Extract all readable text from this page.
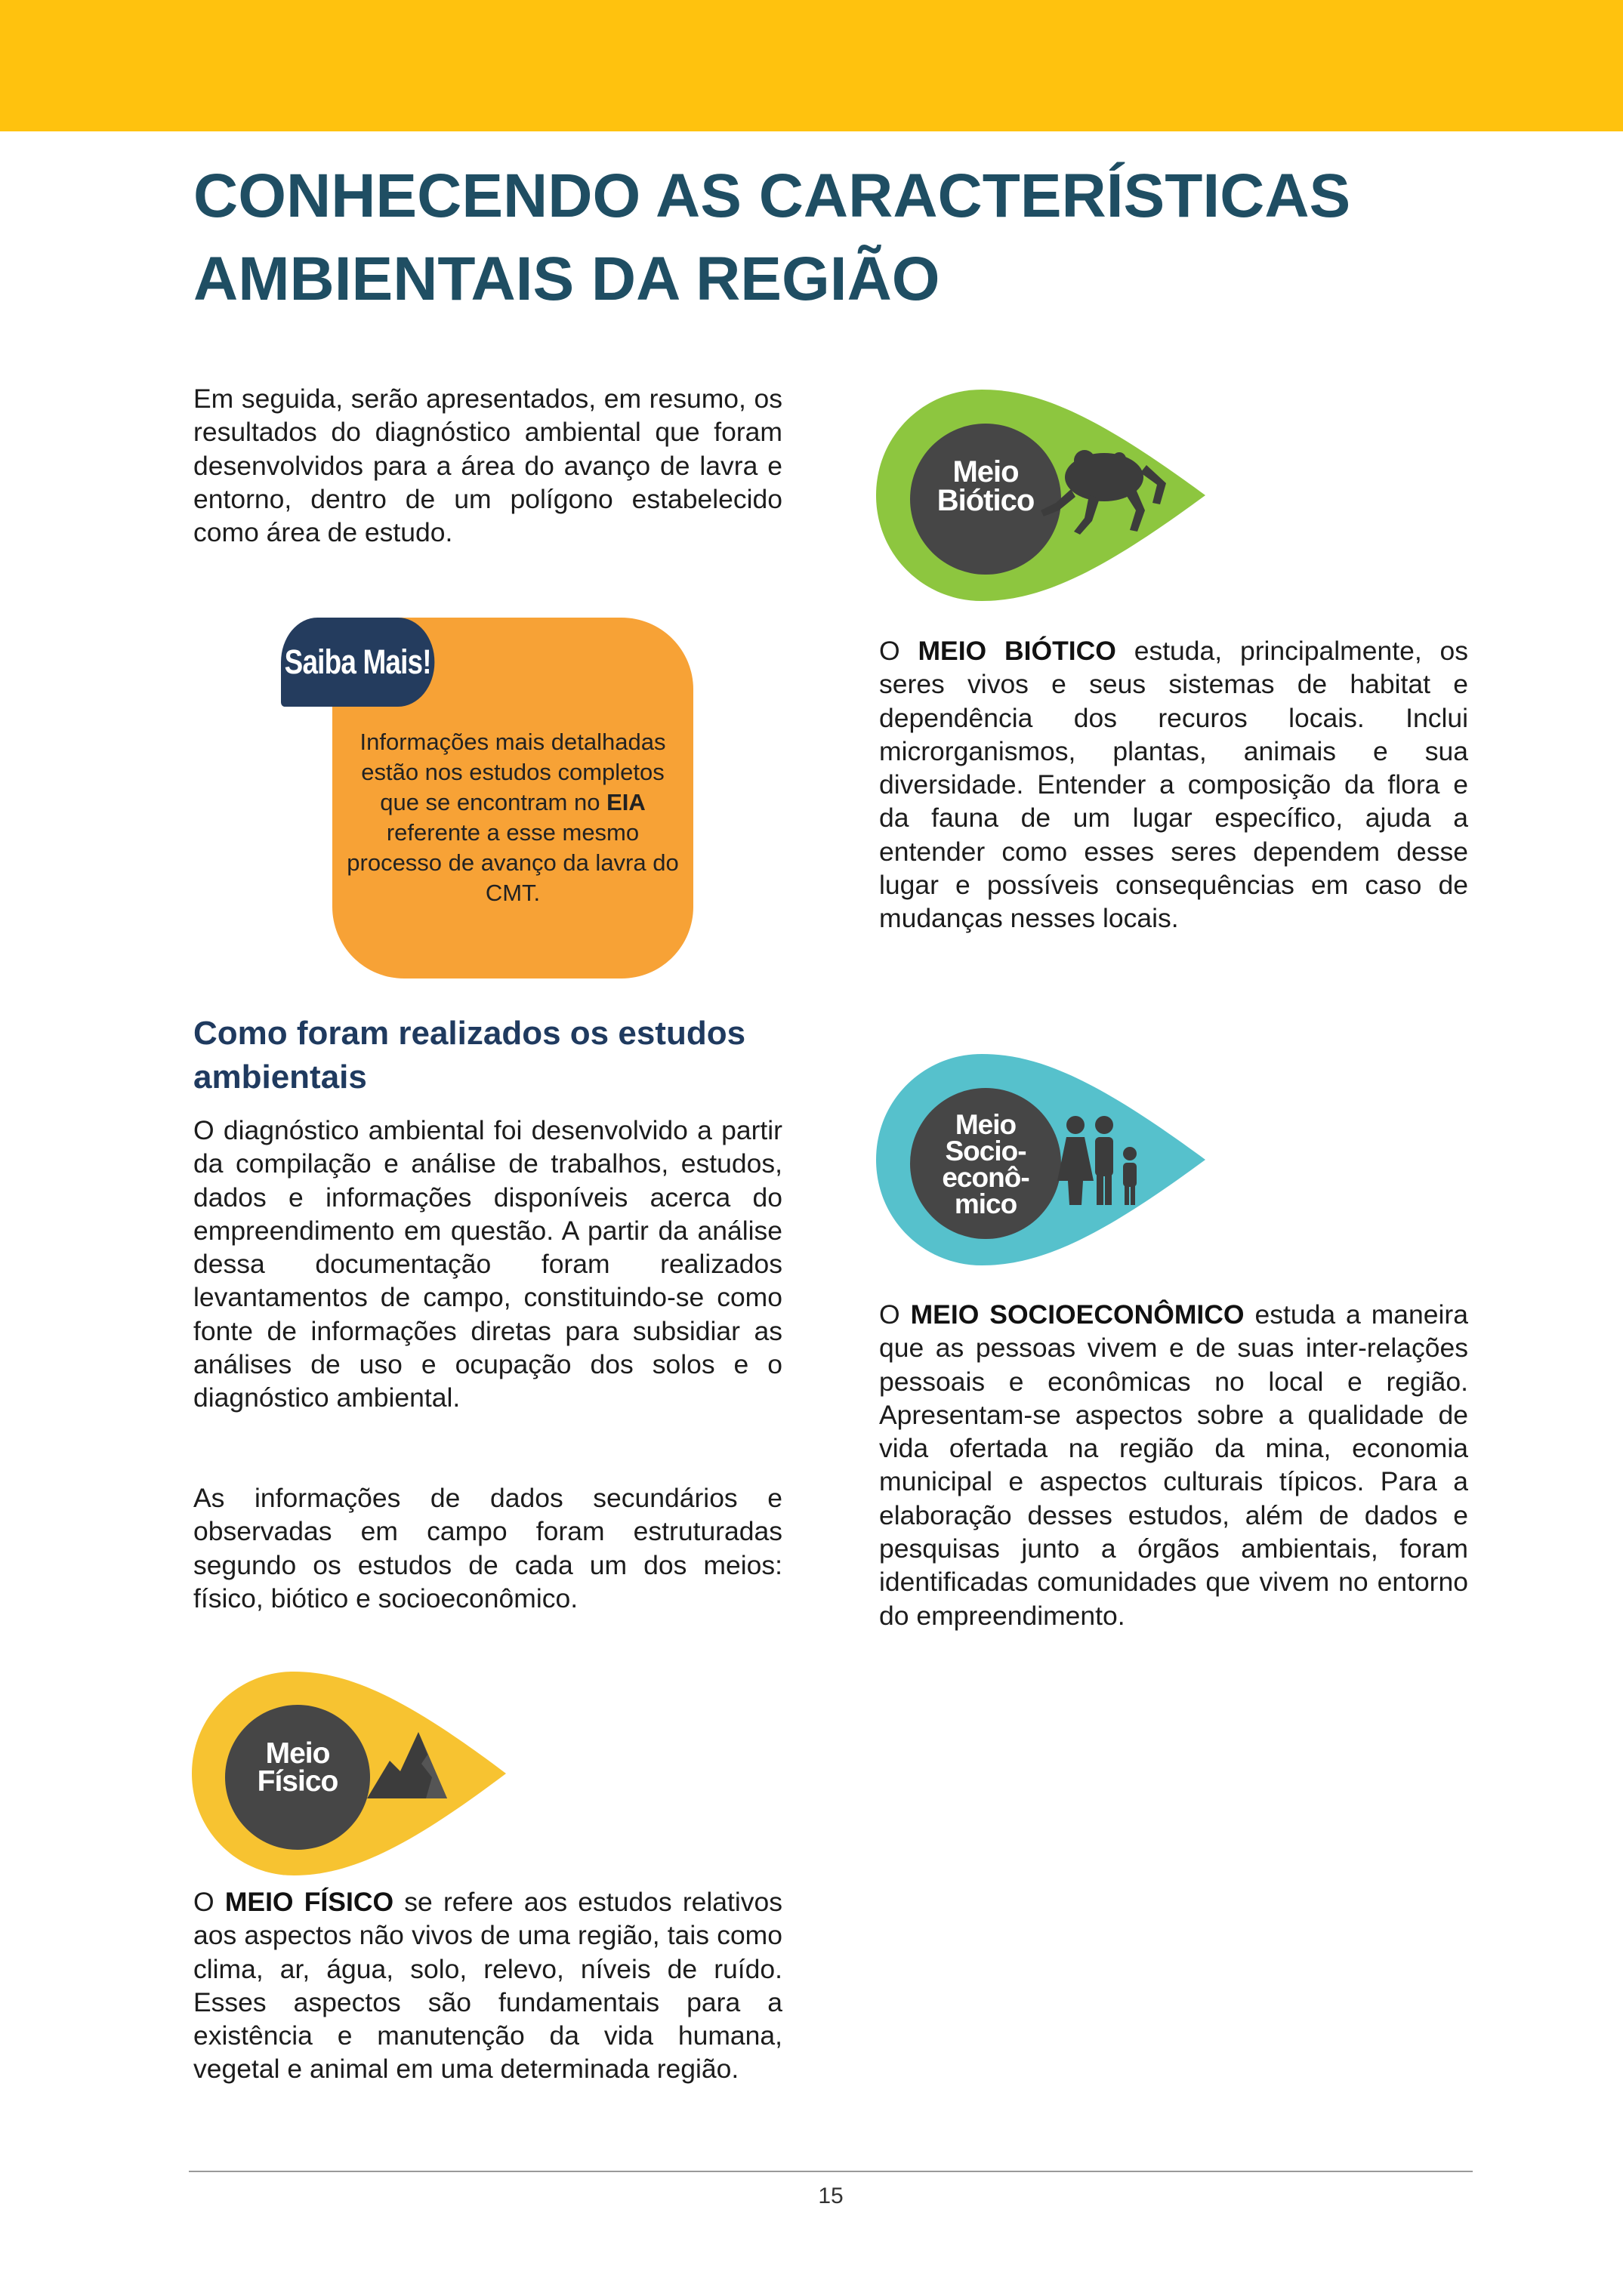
CONHECENDO AS CARACTERÍSTICAS
AMBIENTAIS DA REGIÃO

Em seguida, serão apresentados, em resumo, os resultados do diagnóstico ambiental que foram desenvolvidos para a área do avanço de lavra e entorno, dentro de um polígono estabelecido como área de estudo.

Saiba Mais!

Informações mais detalhadas estão nos estudos completos que se encontram no EIA referente a esse mesmo processo de avanço da lavra do CMT.

Como foram realizados os estudos
ambientais

O diagnóstico ambiental foi desenvolvido a partir da compilação e análise de trabalhos, estudos, dados e informações disponíveis acerca do empreendimento em questão. A partir da análise dessa documentação foram realizados levantamentos de campo, constituindo-se como fonte de informações diretas para subsidiar as análises de uso e ocupação dos solos e o diagnóstico ambiental.

As informações de dados secundários e observadas em campo foram estruturadas segundo os estudos de cada um dos meios: físico, biótico e socioeconômico.

Meio
Biótico

O MEIO BIÓTICO estuda, principalmente, os seres vivos e seus sistemas de habitat e dependência dos recuros locais. Inclui microrganismos, plantas, animais e sua diversidade. Entender a composição da flora e da fauna de um lugar específico, ajuda a entender como esses seres dependem desse lugar e possíveis consequências em caso de mudanças nesses locais.

Meio
Socio-
econô-
mico

O MEIO SOCIOECONÔMICO estuda a maneira que as pessoas vivem e de suas inter-relações pessoais e econômicas no local e região. Apresentam-se aspectos sobre a qualidade de vida ofertada na região da mina, economia municipal e aspectos culturais típicos. Para a elaboração desses estudos, além de dados e pesquisas junto a órgãos ambientais, foram identificadas comunidades que vivem no entorno do empreendimento.

Meio
Físico

O MEIO FÍSICO se refere aos estudos relativos aos aspectos não vivos de uma região, tais como clima, ar, água, solo, relevo, níveis de ruído. Esses aspectos são fundamentais para a existência e manutenção da vida humana, vegetal e animal em uma determinada região.

15
